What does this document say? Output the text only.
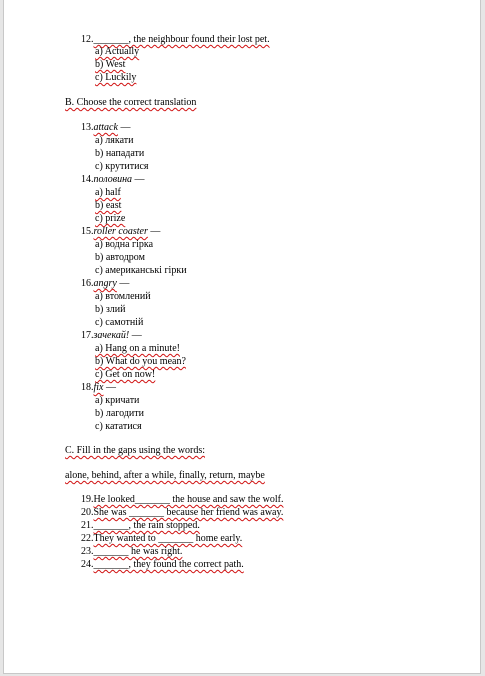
12._______, the neighbour found their lost pet.
a) Actually
b) West
c) Luckily
B. Choose the correct translation
13.attack —
a) лякати
b) нападати
c) крутитися
14.половина —
a) half
b) east
c) prize
15.roller coaster —
a) водна гірка
b) автодром
c) американські гірки
16.angry —
a) втомлений
b) злий
c) самотній
17.зачекай! —
a) Hang on a minute!
b) What do you mean?
c) Get on now!
18.fix —
a) кричати
b) лагодити
c) кататися
C. Fill in the gaps using the words:
alone, behind, after a while, finally, return, maybe
19.He looked_______ the house and saw the wolf.
20.She was _______ because her friend was away.
21._______, the rain stopped.
22.They wanted to _______ home early.
23._______ he was right.
24._______, they found the correct path.
